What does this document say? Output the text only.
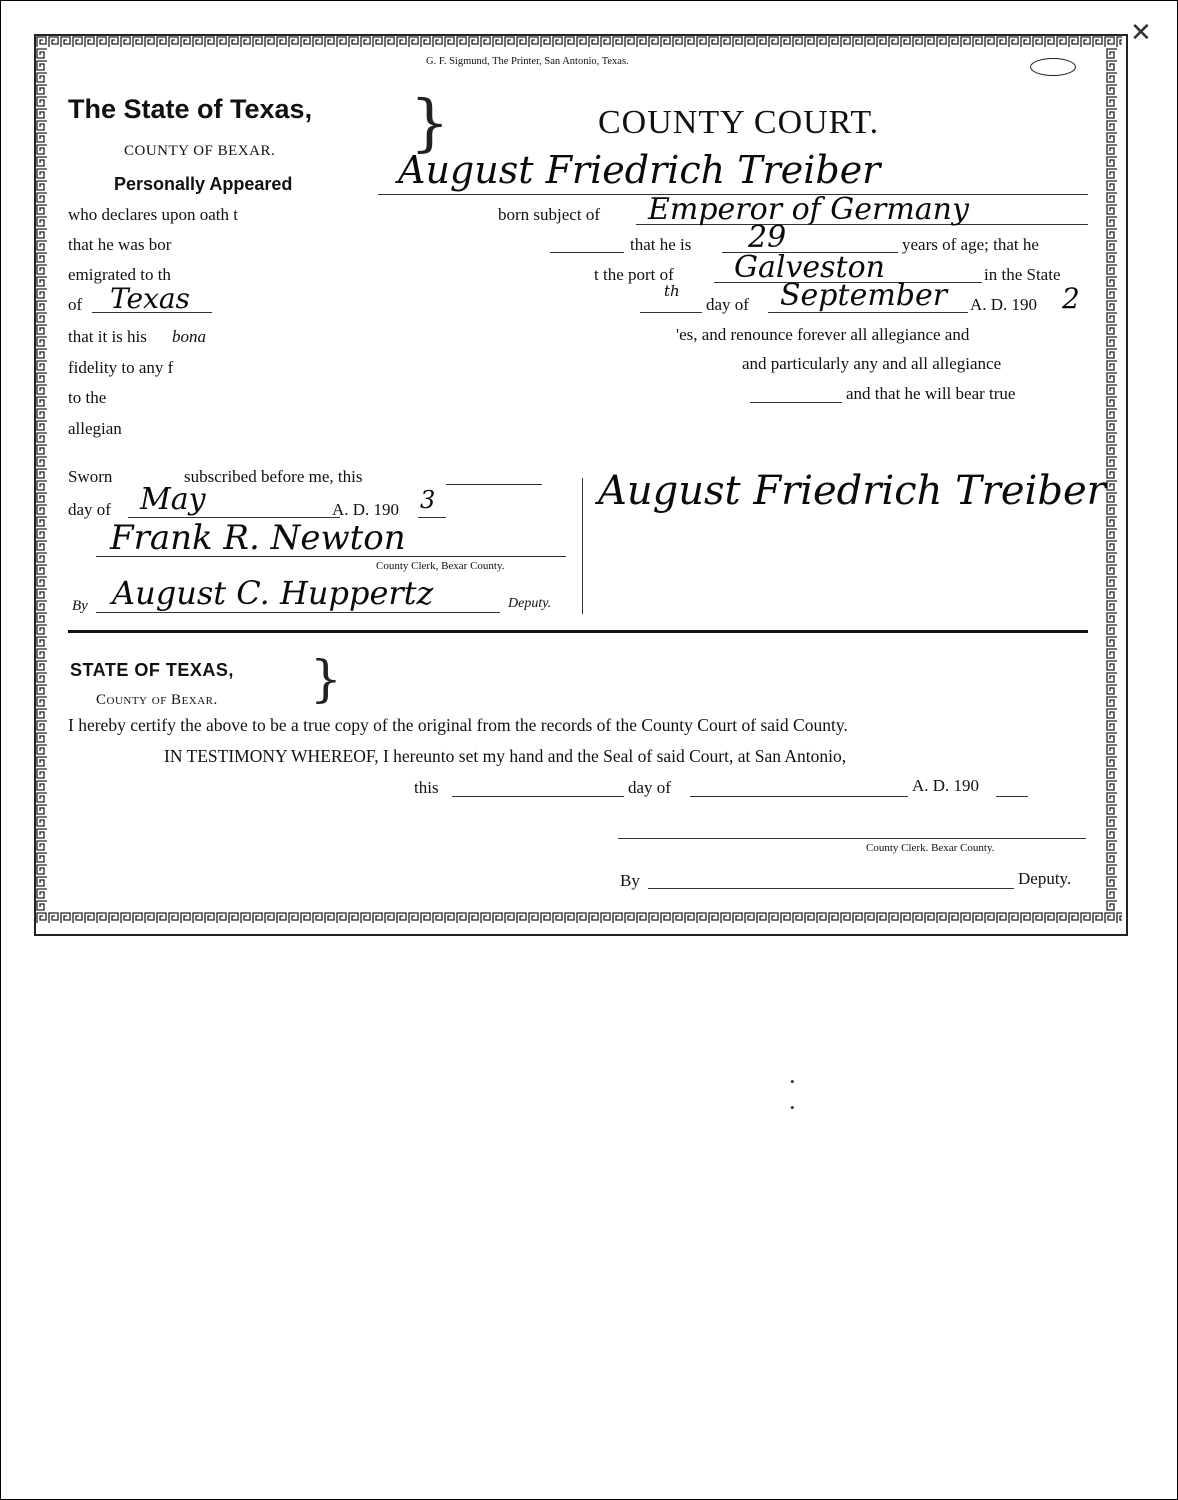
G. F. Sigmund, The Printer, San Antonio, Texas.
The State of Texas, }
COUNTY OF BEXAR.
COUNTY COURT.
Personally Appeared	August Friedrich Treiber
who declares upon oath t	born subject of Emperor of Germany
that he was bor	that he is 29	years of age; that he
emigrated to th	t the port of Galveston	in the State
of Texas	th
day of September A. D. 190 2
that it is his bona	'es, and renounce forever all allegiance and
fidelity to any f	and particularly any and all allegiance
to the	and that he will bear true
allegian
Sworn	subscribed before me, this
day of May	A. D. 190 3
Frank R. Newton
County Clerk, Bexar County.
By August C. Huppertz	Deputy.
August Friedrich Treiber
STATE OF TEXAS, }
County of Bexar.
I hereby certify the above to be a true copy of the original from the records of the County Court of said County.
IN TESTIMONY WHEREOF, I hereunto set my hand and the Seal of said Court, at San Antonio,
this	day of	A. D. 190
County Clerk. Bexar County.
By	Deputy.
•
•
✕
